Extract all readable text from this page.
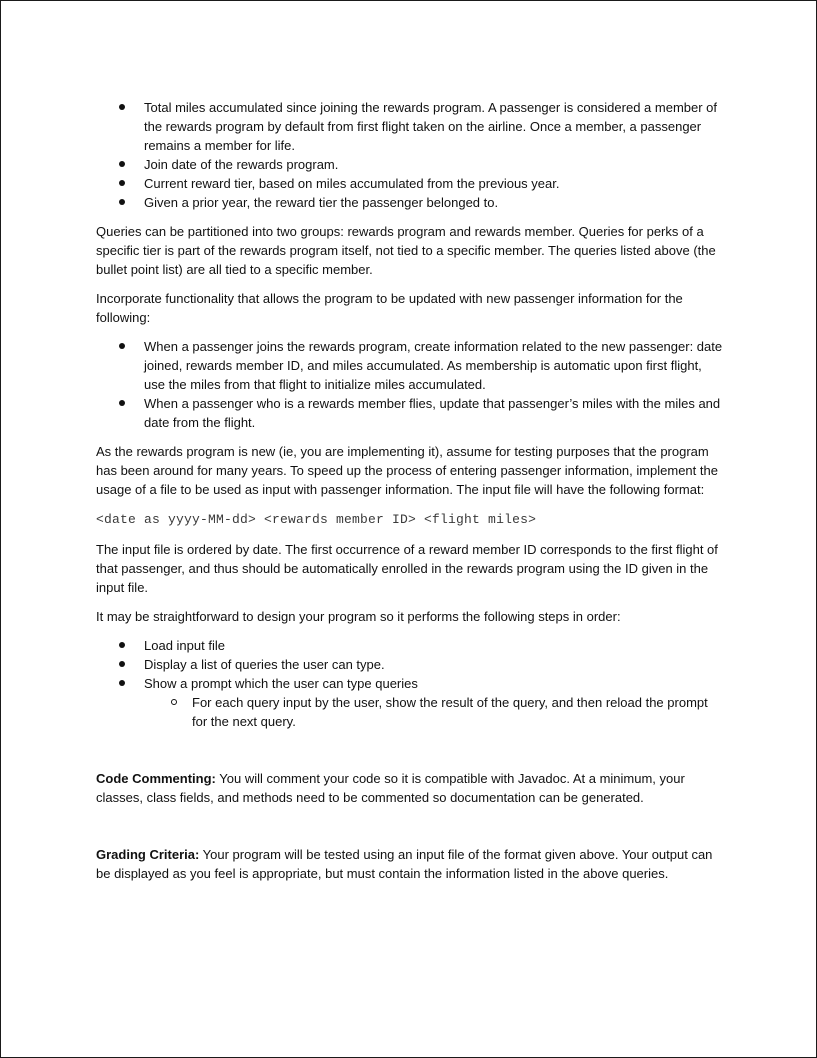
Total miles accumulated since joining the rewards program. A passenger is considered a member of the rewards program by default from first flight taken on the airline. Once a member, a passenger remains a member for life.
Join date of the rewards program.
Current reward tier, based on miles accumulated from the previous year.
Given a prior year, the reward tier the passenger belonged to.

Queries can be partitioned into two groups: rewards program and rewards member. Queries for perks of a specific tier is part of the rewards program itself, not tied to a specific member. The queries listed above (the bullet point list) are all tied to a specific member.

Incorporate functionality that allows the program to be updated with new passenger information for the following:

When a passenger joins the rewards program, create information related to the new passenger: date joined, rewards member ID, and miles accumulated. As membership is automatic upon first flight, use the miles from that flight to initialize miles accumulated.
When a passenger who is a rewards member flies, update that passenger’s miles with the miles and date from the flight.

As the rewards program is new (ie, you are implementing it), assume for testing purposes that the program has been around for many years. To speed up the process of entering passenger information, implement the usage of a file to be used as input with passenger information. The input file will have the following format:

<date as yyyy-MM-dd> <rewards member ID> <flight miles>

The input file is ordered by date. The first occurrence of a reward member ID corresponds to the first flight of that passenger, and thus should be automatically enrolled in the rewards program using the ID given in the input file.

It may be straightforward to design your program so it performs the following steps in order:

Load input file
Display a list of queries the user can type.
Show a prompt which the user can type queries
For each query input by the user, show the result of the query, and then reload the prompt for the next query.

Code Commenting: You will comment your code so it is compatible with Javadoc. At a minimum, your classes, class fields, and methods need to be commented so documentation can be generated.

Grading Criteria: Your program will be tested using an input file of the format given above. Your output can be displayed as you feel is appropriate, but must contain the information listed in the above queries.
